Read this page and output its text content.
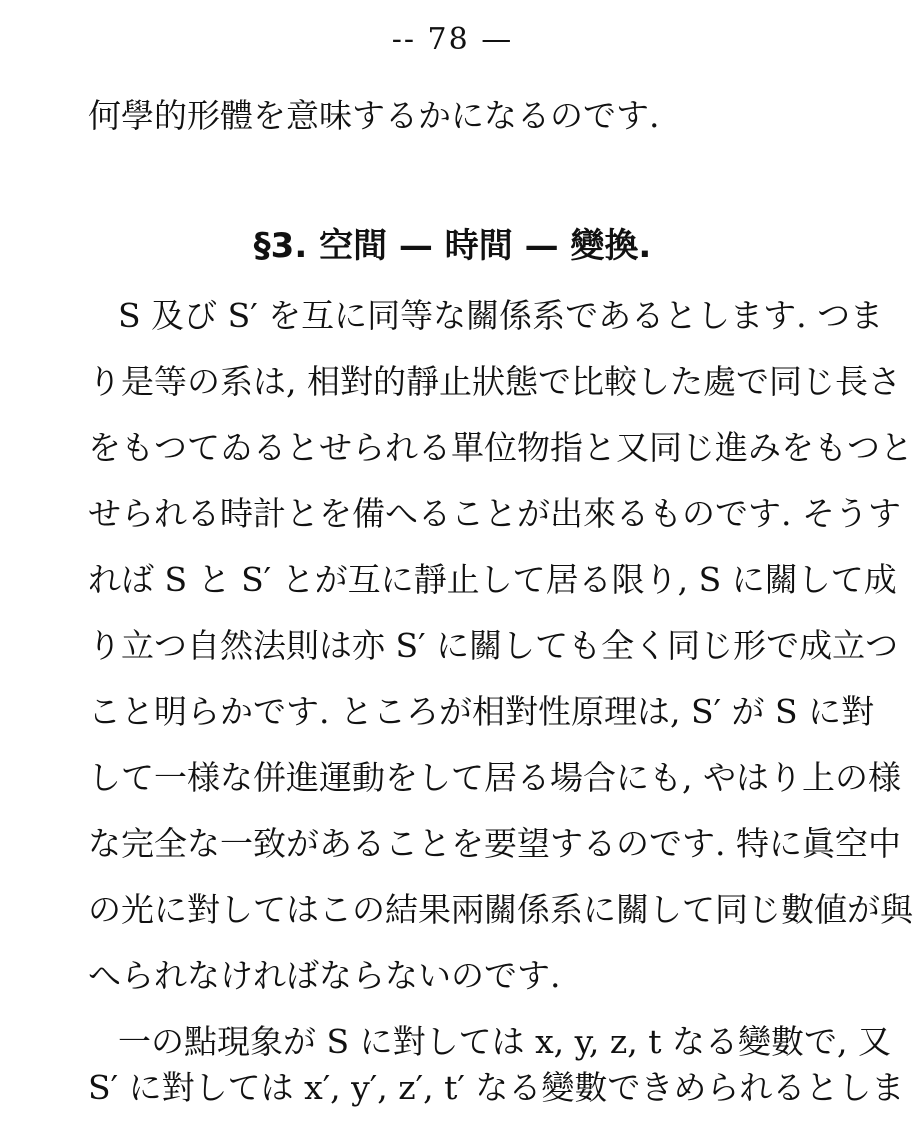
-- 78 —
何學的形體を意味するかになるのです.
§3. 空間 — 時間 — 變換.
S 及び S′ を互に同等な關係系であるとします. つま
り是等の系は, 相對的靜止狀態で比較した處で同じ長さ
をもつてゐるとせられる單位物指と又同じ進みをもつと
せられる時計とを備へることが出來るものです. そうす
れば S と S′ とが互に靜止して居る限り, S に關して成
り立つ自然法則は亦 S′ に關しても全く同じ形で成立つ
こと明らかです. ところが相對性原理は, S′ が S に對
して一様な併進運動をして居る場合にも, やはり上の様
な完全な一致があることを要望するのです. 特に眞空中
の光に對してはこの結果兩關係系に關して同じ數値が與
へられなければならないのです.
一の點現象が S に對しては x, y, z, t なる變數で, 又
S′ に對しては x′, y′, z′, t′ なる變數できめられるとしま
